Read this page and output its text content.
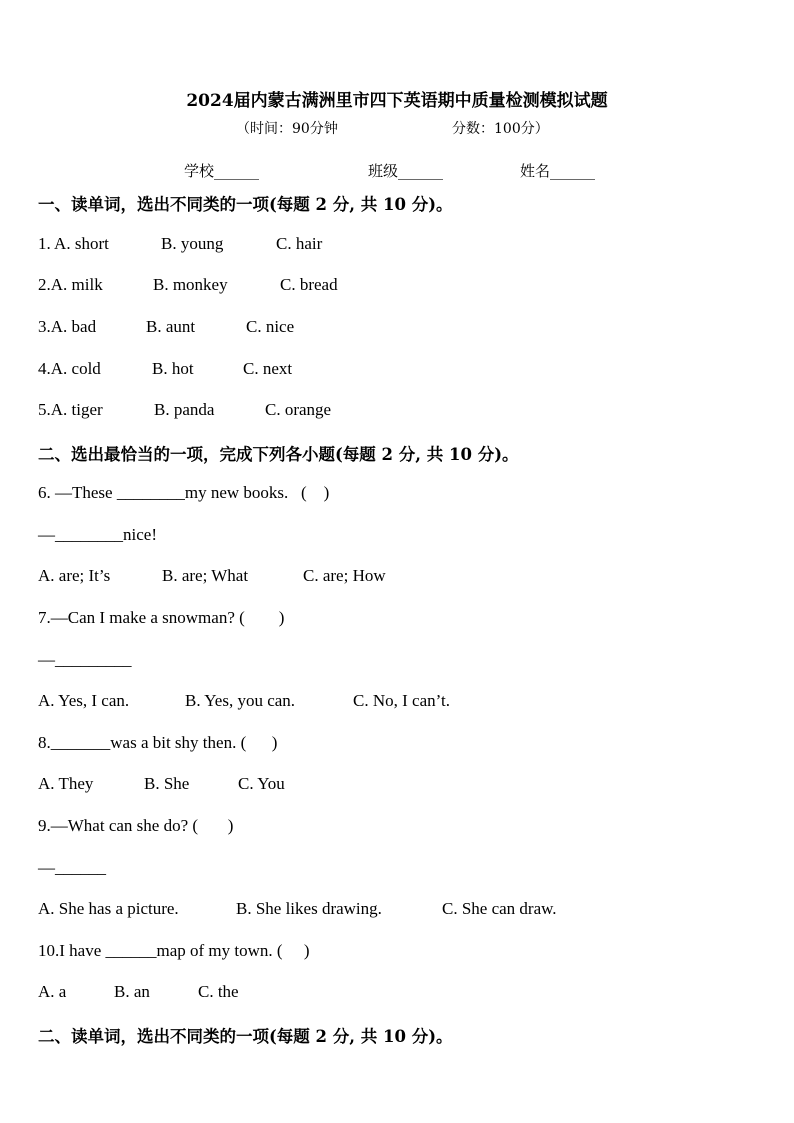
2024届内蒙古满洲里市四下英语期中质量检测模拟试题
（时间：90分钟	分数：100分）
学校______	班级______	姓名______
一、读单词，选出不同类的一项(每题 2 分, 共 10 分)。
1. A. short	B. young	C. hair
2.A. milk	B. monkey	C. bread
3.A. bad	B. aunt	C. nice
4.A. cold	B. hot	C. next
5.A. tiger	B. panda	C. orange
二、选出最恰当的一项，完成下列各小题(每题 2 分, 共 10 分)。
6. —These ________my new books.   (    )
—________nice!
A. are; It’s	B. are; What	C. are; How
7.—Can I make a snowman? (        )
—_________
A. Yes, I can.	B. Yes, you can.	C. No, I can’t.
8._______was a bit shy then. (      )
A. They	B. She	C. You
9.—What can she do? (       )
—______
A. She has a picture.	B. She likes drawing.	C. She can draw.
10.I have ______map of my town. (     )
A. a	B. an	C. the
二、读单词，选出不同类的一项(每题 2 分, 共 10 分)。
